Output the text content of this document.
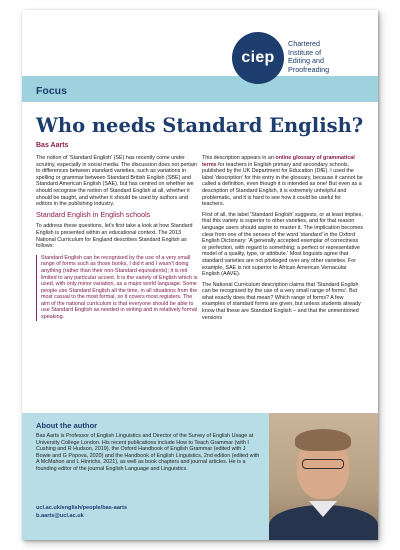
Focus
ciep
Chartered
Institute of
Editing and
Proofreading
Who needs Standard English?
Bas Aarts

The notion of 'Standard English' (SE) has recently come under scrutiny, especially in social media. The discussion does not pertain to differences between standard varieties, such as variations in spelling or grammar between Standard British English (SBE) and Standard American English (SAE), but has centred on whether we should recognise the notion of Standard English at all, whether it should be taught, and whether it should be used by authors and editors in the publishing industry.

Standard English in English schools

To address these questions, let's first take a look at how Standard English is presented within an educational context. The 2013 National Curriculum for England describes Standard English as follows:

Standard English can be recognised by the use of a very small range of forms such as those books, I did it and I wasn't doing anything (rather than their non-Standard equivalents); it is not limited to any particular accent. It is the variety of English which is used, with only minor variation, as a major world language. Some people use Standard English all the time, in all situations from the most casual to the most formal, so it covers most registers. The aim of the national curriculum is that everyone should be able to use Standard English as needed in writing and in relatively formal speaking.

This description appears in an online glossary of grammatical terms for teachers in English primary and secondary schools, published by the UK Department for Education (DfE). I used the label 'description' for this entry in the glossary, because it cannot be called a definition, even though it is intended as one! But even as a description of Standard English, it is extremely unhelpful and problematic, and it is hard to see how it could be useful for teachers.

First of all, the label 'Standard English' suggests, or at least implies, that this variety is superior to other varieties, and for that reason language users should aspire to master it. The implication becomes clear from one of the senses of the word 'standard' in the Oxford English Dictionary: 'A generally accepted exemplar of correctness or perfection, with regard to something; a perfect or representative model of a quality, type, or attribute.' Most linguists agree that standard varieties are not privileged over any other varieties. For example, SAE is not superior to African American Vernacular English (AAVE).

The National Curriculum description claims that 'Standard English can be recognised by the use of a very small range of forms'. But what exactly does that mean? Which range of forms? A few examples of standard forms are given, but unless students already know that these are Standard English – and that the unmentioned versions

About the author
Bas Aarts is Professor of English Linguistics and Director of the Survey of English Usage at University College London. His recent publications include How to Teach Grammar (with I Cushing and R Hudson, 2019), the Oxford Handbook of English Grammar (edited with J Bowie and G Popova, 2020) and the Handbook of English Linguistics, 2nd edition (edited with A McMahon and L Hinrichs, 2021), as well as book chapters and journal articles. He is a founding editor of the journal English Language and Linguistics.
ucl.ac.uk/english/people/bas-aarts
b.aarts@ucl.ac.uk
